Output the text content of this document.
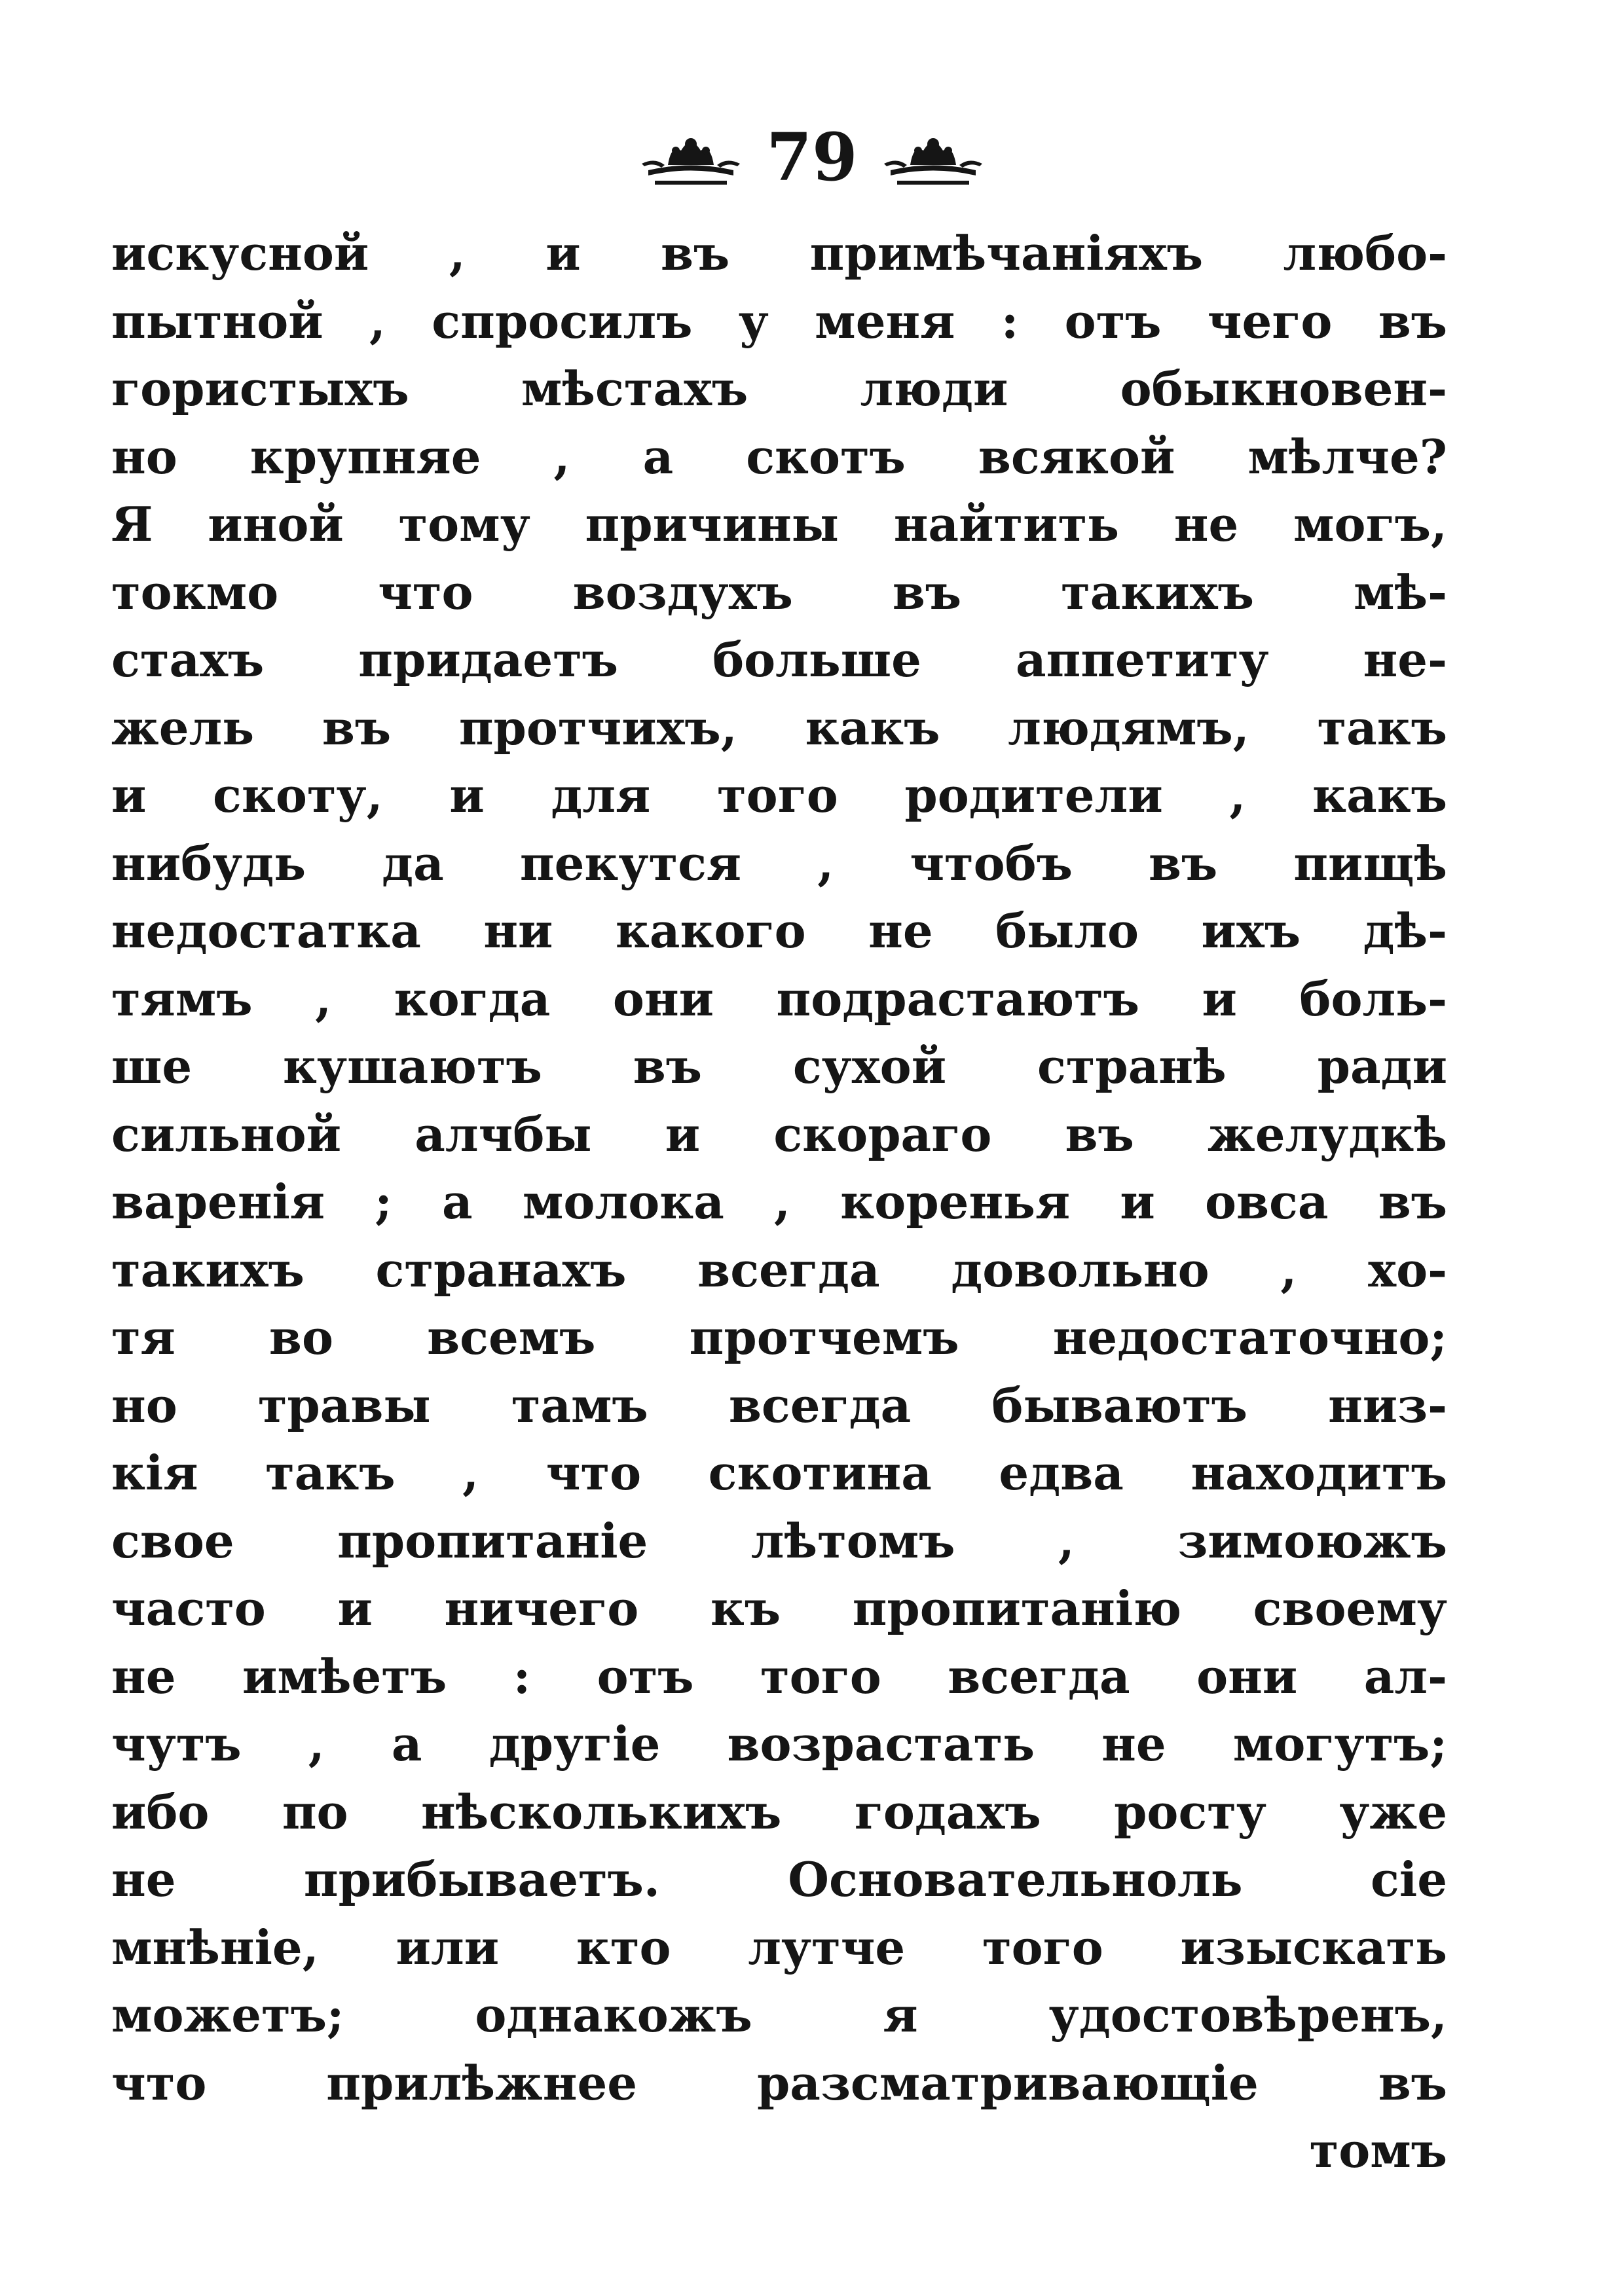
79
искусной , и въ примѣчаніяхъ любо-
пытной , спросилъ у меня : отъ чего въ
гористыхъ мѣстахъ люди обыкновен-
но крупняе , а скотъ всякой мѣлче?
Я иной тому причины найтить не могъ,
токмо что воздухъ въ такихъ мѣ-
стахъ придаетъ больше аппетиту не-
жель въ протчихъ, какъ людямъ, такъ
и скоту, и для того родители , какъ
нибудь да пекутся , чтобъ въ пищѣ
недостатка ни какого не было ихъ дѣ-
тямъ , когда они подрастаютъ и боль-
ше кушаютъ въ сухой странѣ ради
сильной алчбы и скораго въ желудкѣ
варенія ; а молока , коренья и овса въ
такихъ странахъ всегда довольно , хо-
тя во всемъ протчемъ недостаточно;
но травы тамъ всегда бываютъ низ-
кія такъ , что скотина едва находитъ
свое пропитаніе лѣтомъ , зимоюжъ
часто и ничего къ пропитанію своему
не имѣетъ : отъ того всегда они ал-
чутъ , а другіе возрастать не могутъ;
ибо по нѣсколькихъ годахъ росту уже
не прибываетъ. Основательноль сіе
мнѣніе, или кто лутче того изыскать
можетъ; однакожъ я удостовѣренъ,
что прилѣжнее разсматривающіе въ
томъ
